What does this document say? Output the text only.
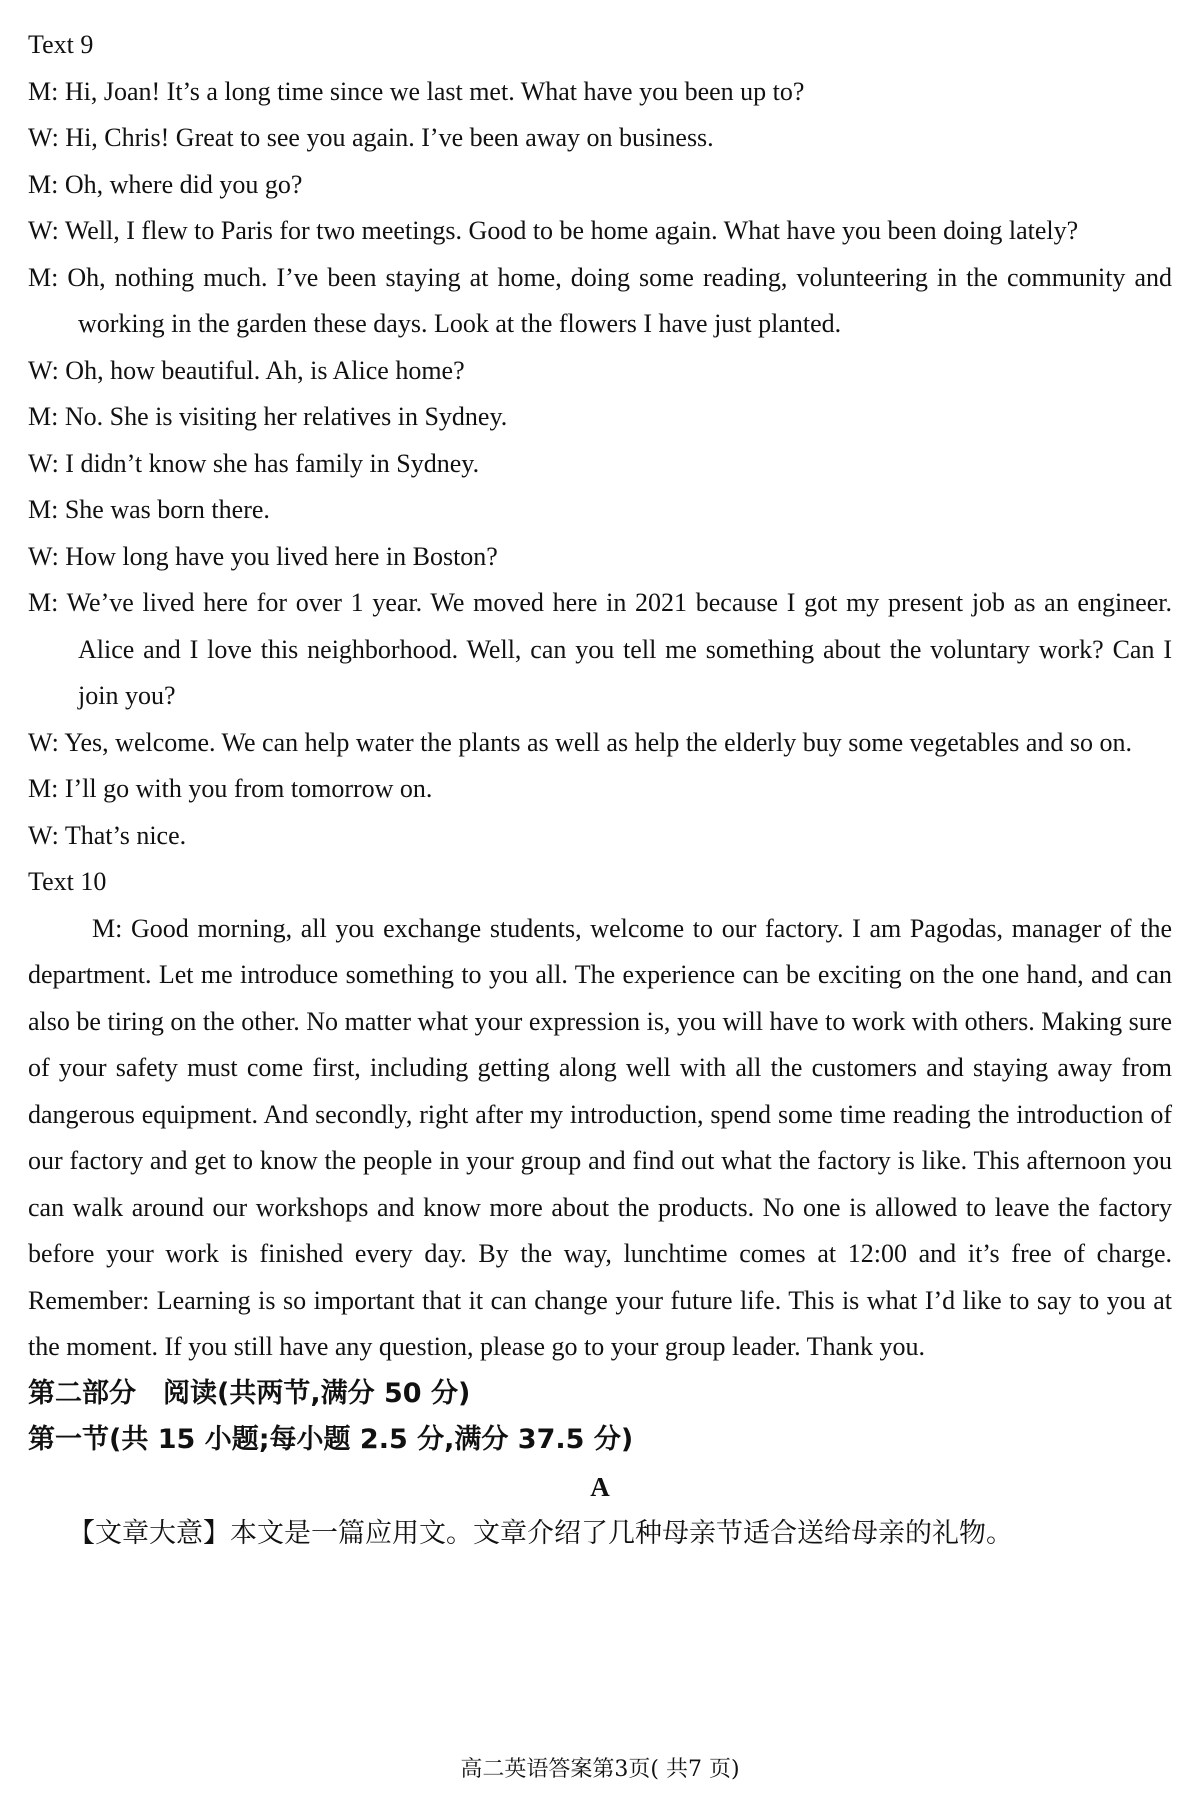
Text 9
M: Hi, Joan! It’s a long time since we last met. What have you been up to?
W: Hi, Chris! Great to see you again. I’ve been away on business.
M: Oh, where did you go?
W: Well, I flew to Paris for two meetings. Good to be home again. What have you been doing lately?
M: Oh, nothing much. I’ve been staying at home, doing some reading, volunteering in the community and working in the garden these days. Look at the flowers I have just planted.
W: Oh, how beautiful. Ah, is Alice home?
M: No. She is visiting her relatives in Sydney.
W: I didn’t know she has family in Sydney.
M: She was born there.
W: How long have you lived here in Boston?
M: We’ve lived here for over 1 year. We moved here in 2021 because I got my present job as an engineer. Alice and I love this neighborhood. Well, can you tell me something about the voluntary work? Can I join you?
W: Yes, welcome. We can help water the plants as well as help the elderly buy some vegetables and so on.
M: I’ll go with you from tomorrow on.
W: That’s nice.
Text 10
M: Good morning, all you exchange students, welcome to our factory. I am Pagodas, manager of the department. Let me introduce something to you all. The experience can be exciting on the one hand, and can also be tiring on the other. No matter what your expression is, you will have to work with others. Making sure of your safety must come first, including getting along well with all the customers and staying away from dangerous equipment. And secondly, right after my introduction, spend some time reading the introduction of our factory and get to know the people in your group and find out what the factory is like. This afternoon you can walk around our workshops and know more about the products. No one is allowed to leave the factory before your work is finished every day. By the way, lunchtime comes at 12:00 and it’s free of charge. Remember: Learning is so important that it can change your future life. This is what I’d like to say to you at the moment. If you still have any question, please go to your group leader. Thank you.
第二部分　阅读(共两节,满分 50 分)
第一节(共 15 小题;每小题 2.5 分,满分 37.5 分)
A
【文章大意】本文是一篇应用文。文章介绍了几种母亲节适合送给母亲的礼物。
高二英语答案第3页( 共7 页)
